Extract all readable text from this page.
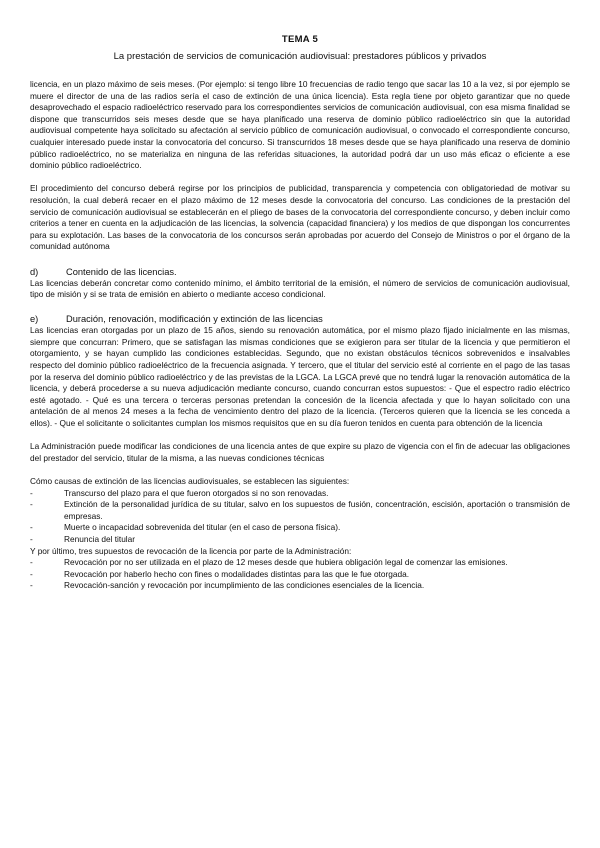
TEMA 5
La prestación de servicios de comunicación audiovisual: prestadores públicos y privados

licencia, en un plazo máximo de seis meses. (Por ejemplo: si tengo libre 10 frecuencias de radio tengo que sacar las 10 a la vez, si por ejemplo se muere el director de una de las radios sería el caso de extinción de una única licencia). Esta regla tiene por objeto garantizar que no quede desaprovechado el espacio radioeléctrico reservado para los correspondientes servicios de comunicación audiovisual, con esa misma finalidad se dispone que transcurridos seis meses desde que se haya planificado una reserva de dominio público radioeléctrico sin que la autoridad audiovisual competente haya solicitado su afectación al servicio público de comunicación audiovisual, o convocado el correspondiente concurso, cualquier interesado puede instar la convocatoria del concurso. Si transcurridos 18 meses desde que se haya planificado una reserva de dominio público radioeléctrico, no se materializa en ninguna de las referidas situaciones, la autoridad podrá dar un uso más eficaz o eficiente a ese dominio público radioeléctrico.

El procedimiento del concurso deberá regirse por los principios de publicidad, transparencia y competencia con obligatoriedad de motivar su resolución, la cual deberá recaer en el plazo máximo de 12 meses desde la convocatoria del concurso. Las condiciones de la prestación del servicio de comunicación audiovisual se establecerán en el pliego de bases de la convocatoria del correspondiente concurso, y deben incluir como criterios a tener en cuenta en la adjudicación de las licencias, la solvencia (capacidad financiera) y los medios de que dispongan los concurrentes para su explotación. Las bases de la convocatoria de los concursos serán aprobadas por acuerdo del Consejo de Ministros o por el órgano de la comunidad autónoma

d)	Contenido de las licencias.

Las licencias deberán concretar como contenido mínimo, el ámbito territorial de la emisión, el número de servicios de comunicación audiovisual, tipo de misión y si se trata de emisión en abierto o mediante acceso condicional.

e)	Duración, renovación, modificación y extinción de las licencias

Las licencias eran otorgadas por un plazo de 15 años, siendo su renovación automática, por el mismo plazo fijado inicialmente en las mismas, siempre que concurran: Primero, que se satisfagan las mismas condiciones que se exigieron para ser titular de la licencia y que permitieron el otorgamiento, y se hayan cumplido las condiciones establecidas. Segundo, que no existan obstáculos técnicos sobrevenidos e insalvables respecto del dominio público radioeléctrico de la frecuencia asignada. Y tercero, que el titular del servicio esté al corriente en el pago de las tasas por la reserva del dominio público radioeléctrico y de las previstas de la LGCA. La LGCA prevé que no tendrá lugar la renovación automática de la licencia, y deberá procederse a su nueva adjudicación mediante concurso, cuando concurran estos supuestos: - Que el espectro radio eléctrico esté agotado. - Qué es una tercera o terceras personas pretendan la concesión de la licencia afectada y que lo hayan solicitado con una antelación de al menos 24 meses a la fecha de vencimiento dentro del plazo de la licencia. (Terceros quieren que la licencia se les conceda a ellos). - Que el solicitante o solicitantes cumplan los mismos requisitos que en su día fueron tenidos en cuenta para obtención de la licencia

La Administración puede modificar las condiciones de una licencia antes de que expire su plazo de vigencia con el fin de adecuar las obligaciones del prestador del servicio, titular de la misma, a las nuevas condiciones técnicas

Cómo causas de extinción de las licencias audiovisuales, se establecen las siguientes:

-	Transcurso del plazo para el que fueron otorgados si no son renovadas.
-	Extinción de la personalidad jurídica de su titular, salvo en los supuestos de fusión, concentración, escisión, aportación o transmisión de empresas.
-	Muerte o incapacidad sobrevenida del titular (en el caso de persona física).
-	Renuncia del titular

Y por último, tres supuestos de revocación de la licencia por parte de la Administración:

-	Revocación por no ser utilizada en el plazo de 12 meses desde que hubiera obligación legal de comenzar las emisiones.
-	Revocación por haberlo hecho con fines o modalidades distintas para las que le fue otorgada.
-	Revocación-sanción y revocación por incumplimiento de las condiciones esenciales de la licencia.
